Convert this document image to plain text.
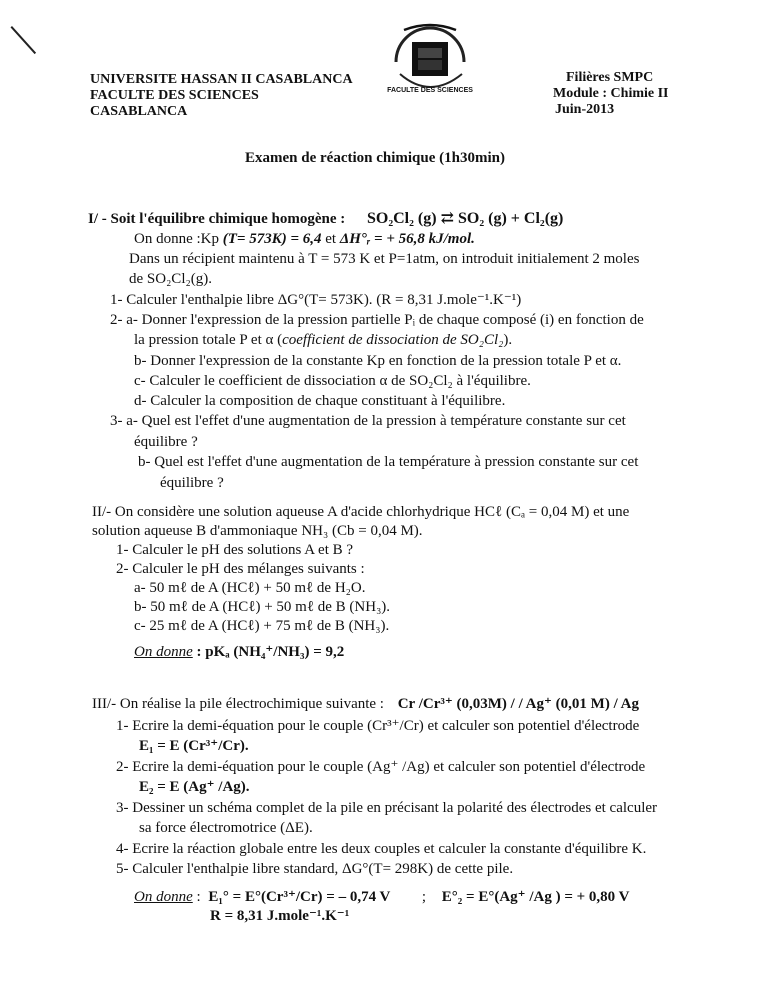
UNIVERSITE HASSAN II CASABLANCA
FACULTE DES SCIENCES
CASABLANCA
FACULTE DES SCIENCES
Filières SMPC
Module : Chimie II
Juin-2013
Examen de réaction chimique (1h30min)
I/ - Soit l'équilibre chimique homogène : SO₂Cl₂ (g) ⇄ SO₂ (g) + Cl₂(g)
On donne :Kp (T= 573K) = 6,4 et ΔH°ᵣ = + 56,8 kJ/mol.
Dans un récipient maintenu à T = 573 K et P=1atm, on introduit initialement 2 moles
de SO₂Cl₂(g).
1- Calculer l'enthalpie libre ΔG°(T= 573K). (R = 8,31 J.mole⁻¹.K⁻¹)
2- a- Donner l'expression de la pression partielle Pᵢ de chaque composé (i) en fonction de
la pression totale P et α (coefficient de dissociation de SO₂Cl₂).
b- Donner l'expression de la constante Kp en fonction de la pression totale P et α.
c- Calculer le coefficient de dissociation α de SO₂Cl₂ à l'équilibre.
d- Calculer la composition de chaque constituant à l'équilibre.
3- a- Quel est l'effet d'une augmentation de la pression à température constante sur cet
équilibre ?
b- Quel est l'effet d'une augmentation de la température à pression constante sur cet
équilibre ?
II/- On considère une solution aqueuse A d'acide chlorhydrique HCℓ (Cₐ = 0,04 M) et une
solution aqueuse B d'ammoniaque NH₃ (Cb = 0,04 M).
1- Calculer le pH des solutions A et B ?
2- Calculer le pH des mélanges suivants :
a- 50 mℓ de A (HCℓ) + 50 mℓ de H₂O.
b- 50 mℓ de A (HCℓ) + 50 mℓ de B (NH₃).
c- 25 mℓ de A (HCℓ) + 75 mℓ de B (NH₃).
On donne : pKₐ (NH₄⁺/NH₃) = 9,2
III/- On réalise la pile électrochimique suivante : Cr /Cr³⁺ (0,03M) / / Ag⁺ (0,01 M) / Ag
1- Ecrire la demi-équation pour le couple (Cr³⁺/Cr) et calculer son potentiel d'électrode
E₁ = E (Cr³⁺/Cr).
2- Ecrire la demi-équation pour le couple (Ag⁺ /Ag) et calculer son potentiel d'électrode
E₂ = E (Ag⁺ /Ag).
3- Dessiner un schéma complet de la pile en précisant la polarité des électrodes et calculer
sa force électromotrice (ΔE).
4- Ecrire la réaction globale entre les deux couples et calculer la constante d'équilibre K.
5- Calculer l'enthalpie libre standard, ΔG°(T= 298K) de cette pile.
On donne : E₁° = E°(Cr³⁺/Cr) = – 0,74 V ; E°₂ = E°(Ag⁺ /Ag ) = + 0,80 V
R = 8,31 J.mole⁻¹.K⁻¹
